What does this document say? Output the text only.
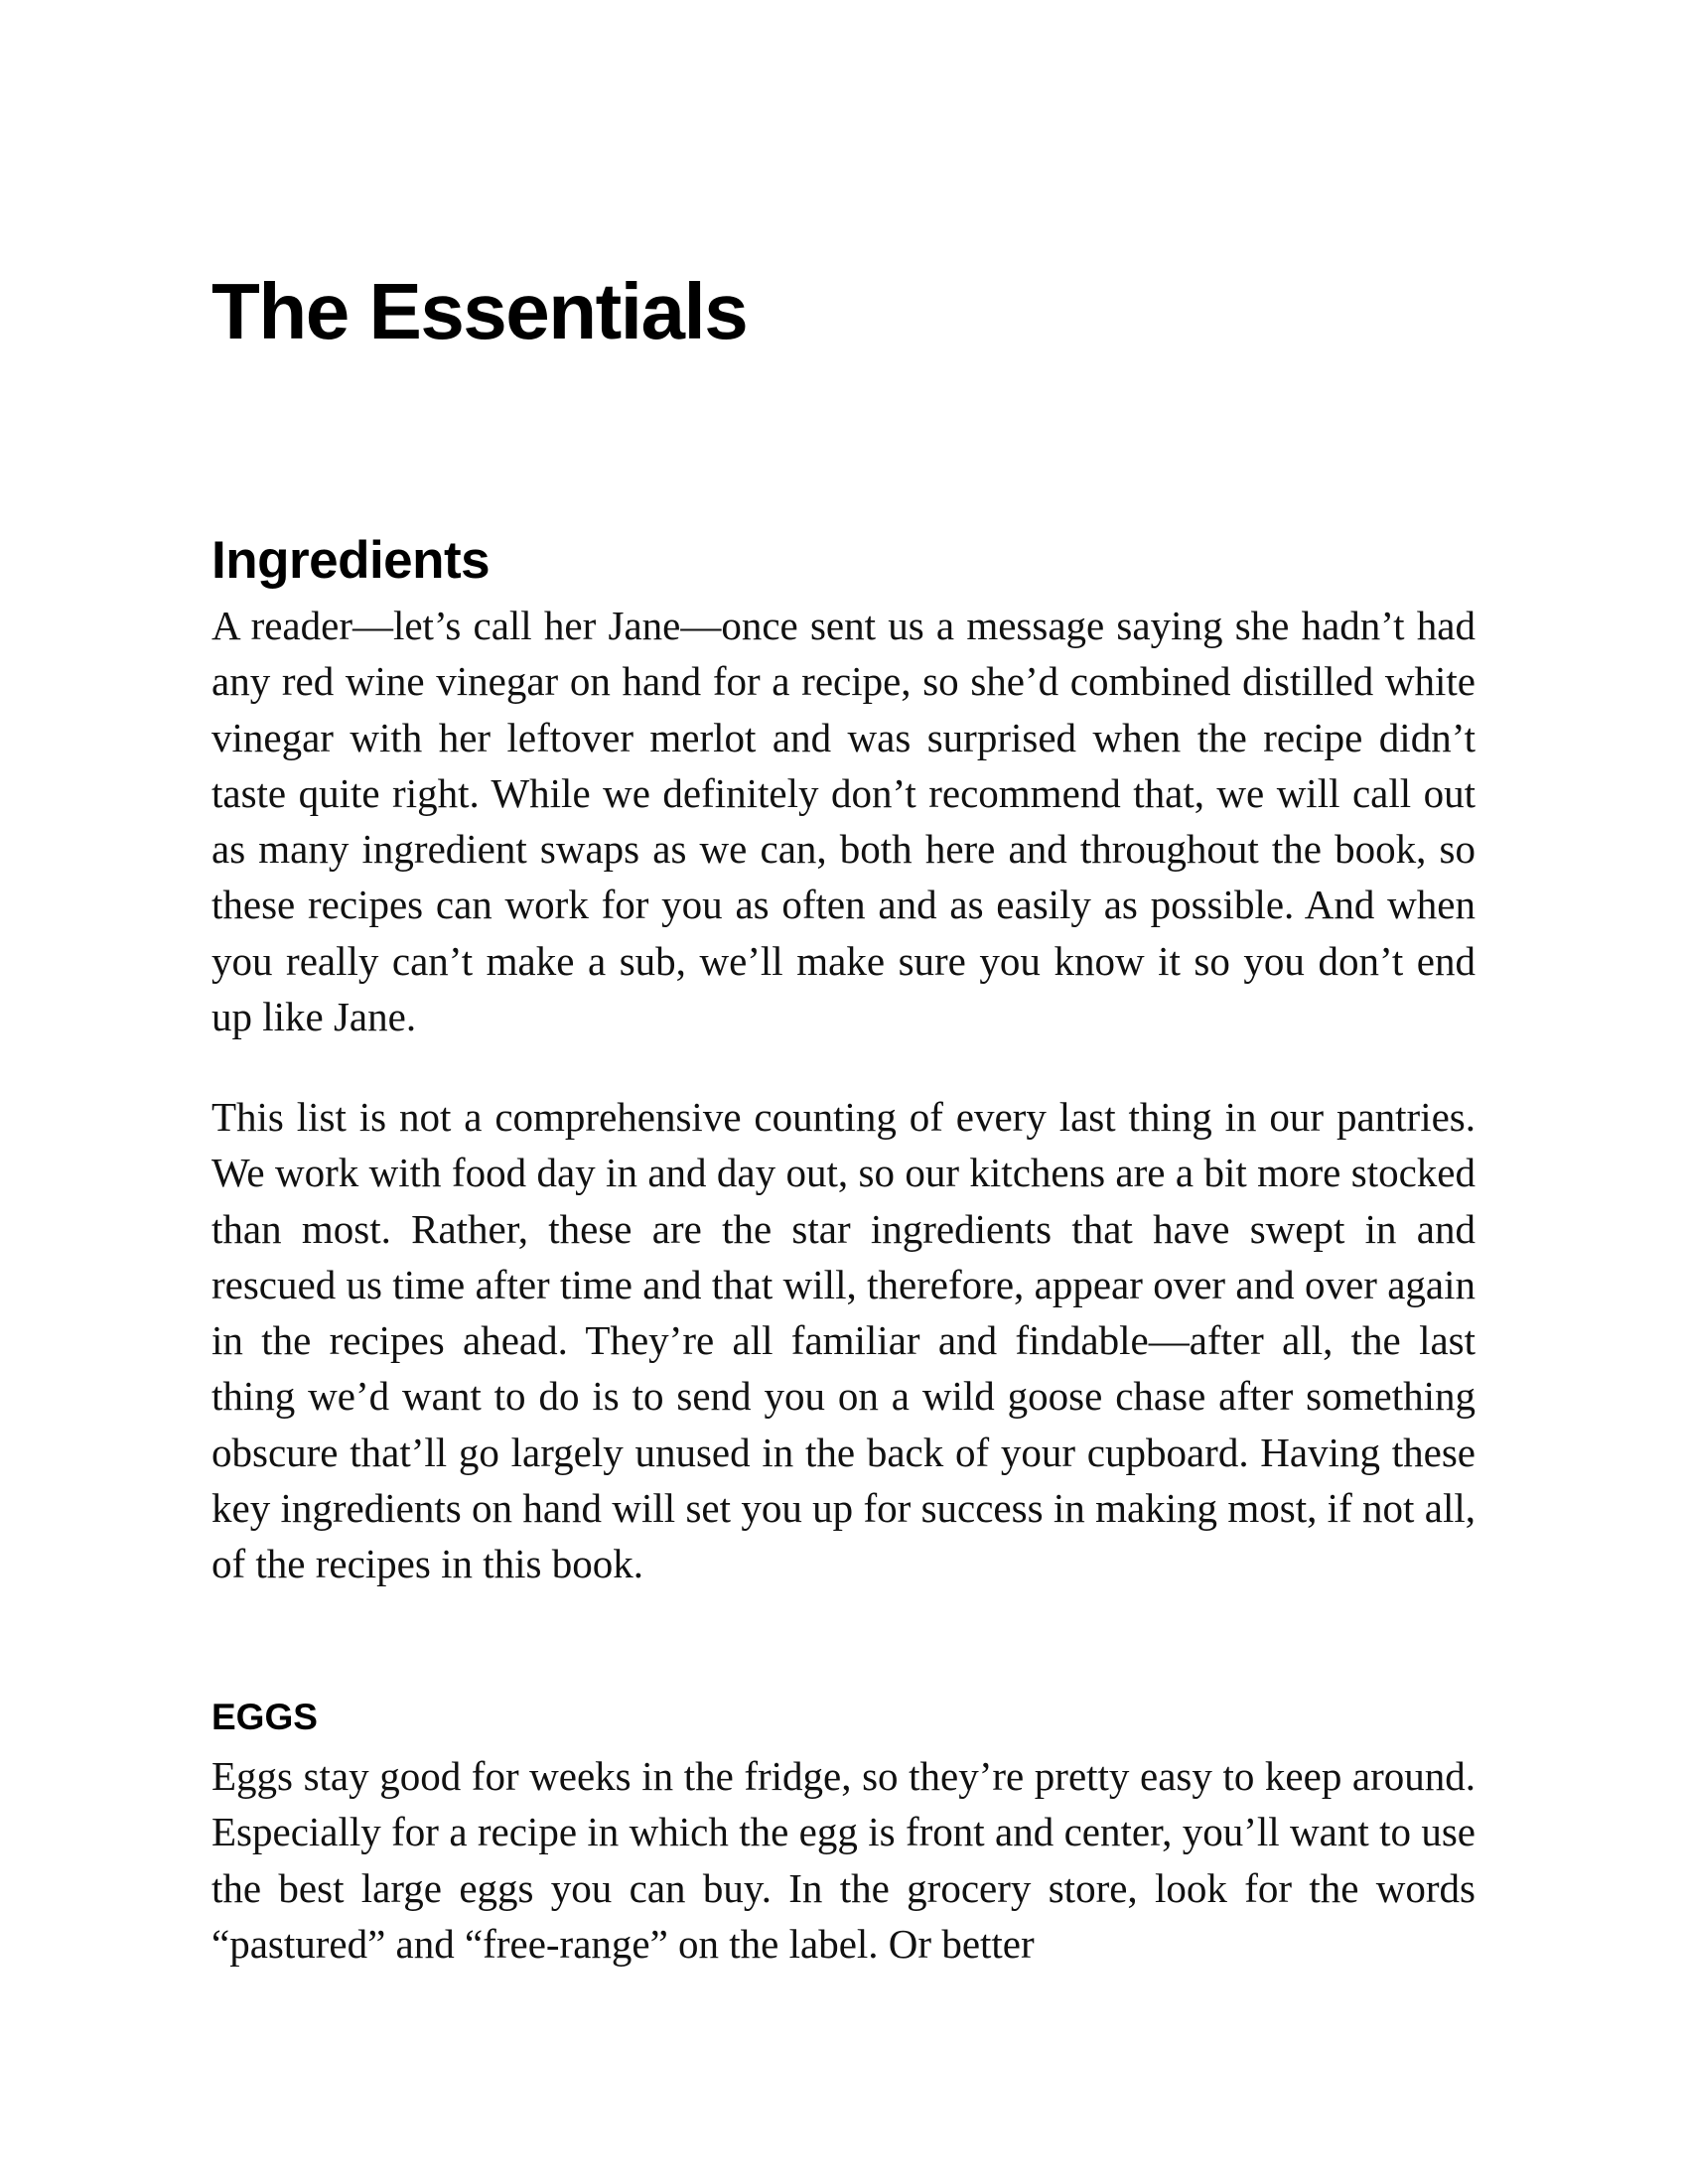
The Essentials
Ingredients

A reader—let’s call her Jane—once sent us a message saying she hadn’t had any red wine vinegar on hand for a recipe, so she’d combined distilled white vinegar with her leftover merlot and was surprised when the recipe didn’t taste quite right. While we definitely don’t recommend that, we will call out as many ingredient swaps as we can, both here and throughout the book, so these recipes can work for you as often and as easily as possible. And when you really can’t make a sub, we’ll make sure you know it so you don’t end up like Jane.

This list is not a comprehensive counting of every last thing in our pantries. We work with food day in and day out, so our kitchens are a bit more stocked than most. Rather, these are the star ingredients that have swept in and rescued us time after time and that will, therefore, appear over and over again in the recipes ahead. They’re all familiar and findable—after all, the last thing we’d want to do is to send you on a wild goose chase after something obscure that’ll go largely unused in the back of your cupboard. Having these key ingredients on hand will set you up for success in making most, if not all, of the recipes in this book.

EGGS

Eggs stay good for weeks in the fridge, so they’re pretty easy to keep around. Especially for a recipe in which the egg is front and center, you’ll want to use the best large eggs you can buy. In the grocery store, look for the words “pastured” and “free-range” on the label. Or better
